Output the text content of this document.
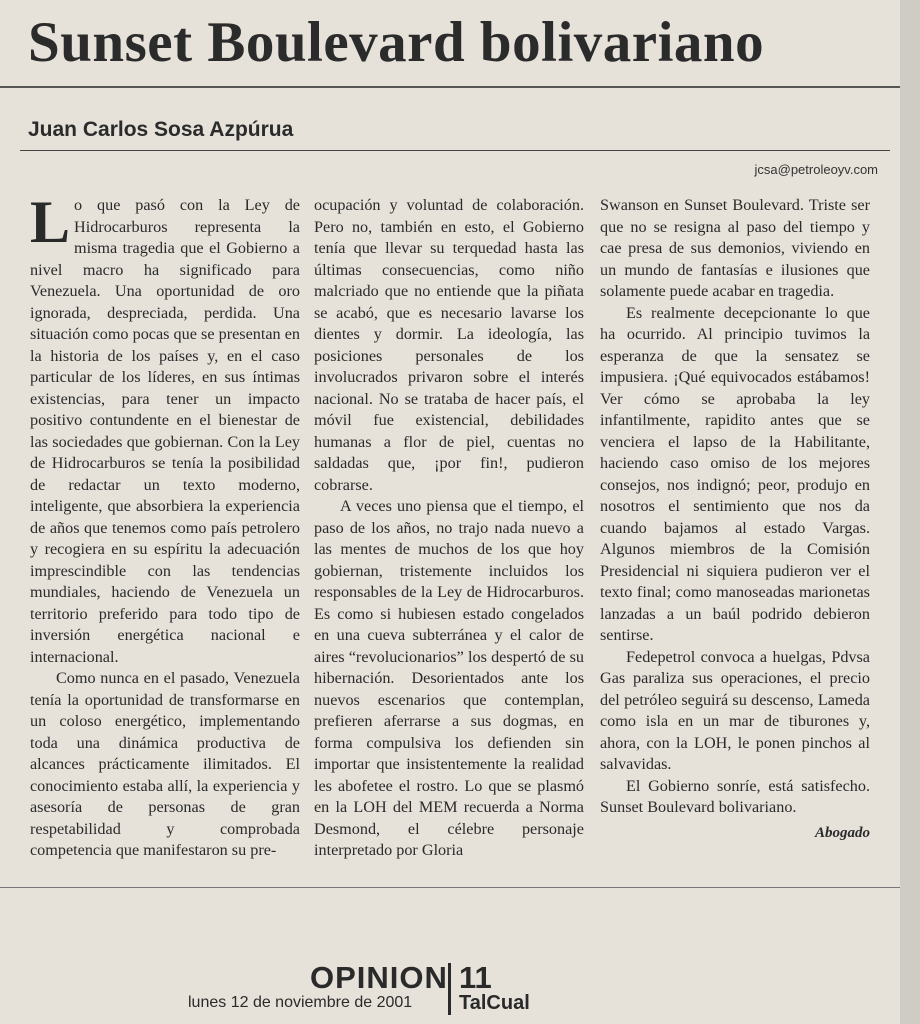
Sunset Boulevard bolivariano
Juan Carlos Sosa Azpúrua
jcsa@petroleoyv.com

Lo que pasó con la Ley de Hidrocarburos representa la misma tragedia que el Gobierno a nivel macro ha significado para Venezuela. Una oportunidad de oro ignorada, despreciada, perdida. Una situación como pocas que se presentan en la historia de los países y, en el caso particular de los líderes, en sus íntimas existencias, para tener un impacto positivo contundente en el bienestar de las sociedades que gobiernan. Con la Ley de Hidrocarburos se tenía la posibilidad de redactar un texto moderno, inteligente, que absorbiera la experiencia de años que tenemos como país petrolero y recogiera en su espíritu la adecuación imprescindible con las tendencias mundiales, haciendo de Venezuela un territorio preferido para todo tipo de inversión energética nacional e internacional.

Como nunca en el pasado, Venezuela tenía la oportunidad de transformarse en un coloso energético, implementando toda una dinámica productiva de alcances prácticamente ilimitados. El conocimiento estaba allí, la experiencia y asesoría de personas de gran respetabilidad y comprobada competencia que manifestaron su pre-

ocupación y voluntad de colaboración. Pero no, también en esto, el Gobierno tenía que llevar su terquedad hasta las últimas consecuencias, como niño malcriado que no entiende que la piñata se acabó, que es necesario lavarse los dientes y dormir. La ideología, las posiciones personales de los involucrados privaron sobre el interés nacional. No se trataba de hacer país, el móvil fue existencial, debilidades humanas a flor de piel, cuentas no saldadas que, ¡por fin!, pudieron cobrarse.

A veces uno piensa que el tiempo, el paso de los años, no trajo nada nuevo a las mentes de muchos de los que hoy gobiernan, tristemente incluidos los responsables de la Ley de Hidrocarburos. Es como si hubiesen estado congelados en una cueva subterránea y el calor de aires “revolucionarios” los despertó de su hibernación. Desorientados ante los nuevos escenarios que contemplan, prefieren aferrarse a sus dogmas, en forma compulsiva los defienden sin importar que insistentemente la realidad les abofetee el rostro. Lo que se plasmó en la LOH del MEM recuerda a Norma Desmond, el célebre personaje interpretado por Gloria

Swanson en Sunset Boulevard. Triste ser que no se resigna al paso del tiempo y cae presa de sus demonios, viviendo en un mundo de fantasías e ilusiones que solamente puede acabar en tragedia.

Es realmente decepcionante lo que ha ocurrido. Al principio tuvimos la esperanza de que la sensatez se impusiera. ¡Qué equivocados estábamos! Ver cómo se aprobaba la ley infantilmente, rapidito antes que se venciera el lapso de la Habilitante, haciendo caso omiso de los mejores consejos, nos indignó; peor, produjo en nosotros el sentimiento que nos da cuando bajamos al estado Vargas. Algunos miembros de la Comisión Presidencial ni siquiera pudieron ver el texto final; como manoseadas marionetas lanzadas a un baúl podrido debieron sentirse.

Fedepetrol convoca a huelgas, Pdvsa Gas paraliza sus operaciones, el precio del petróleo seguirá su descenso, Lameda como isla en un mar de tiburones y, ahora, con la LOH, le ponen pinchos al salvavidas.

El Gobierno sonríe, está satisfecho. Sunset Boulevard bolivariano.

Abogado
OPINION
lunes 12 de noviembre de 2001
11
TalCual
